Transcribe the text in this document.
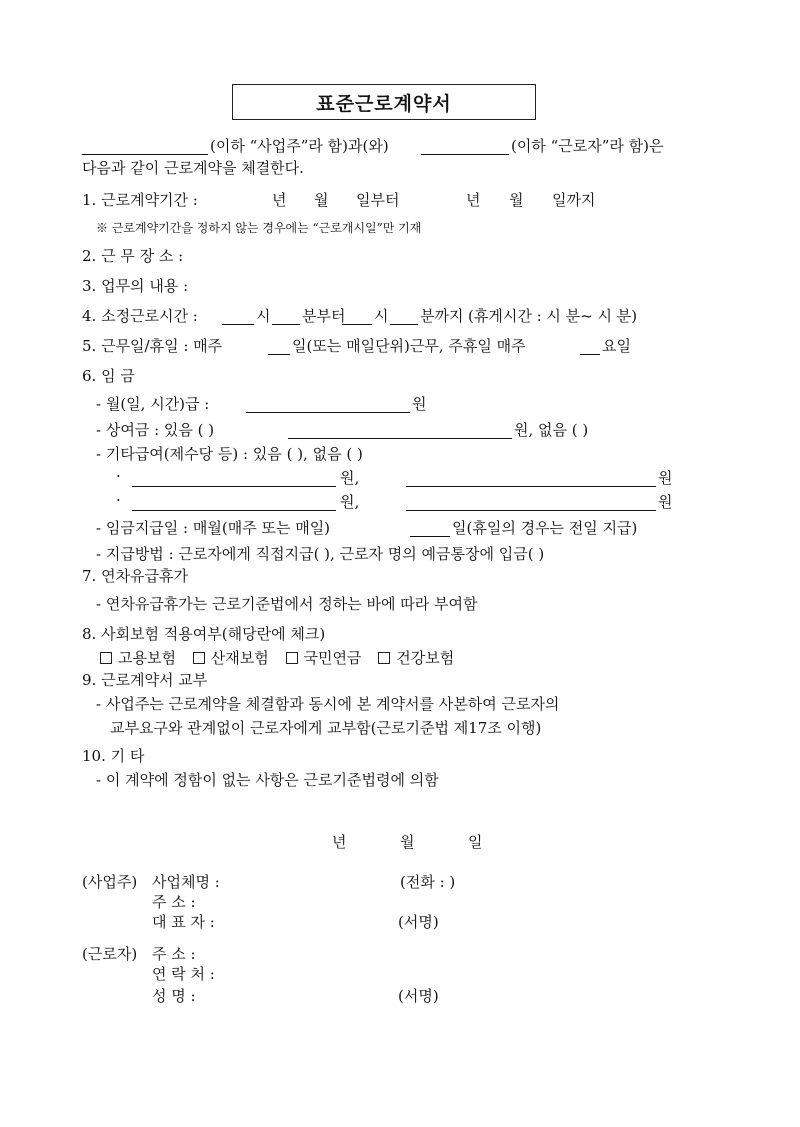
표준근로계약서
(이하 “사업주”라 함)과(와)	(이하 “근로자”라 함)은
다음과 같이 근로계약을 체결한다.
1. 근로계약기간 :	년 월 일부터	년 월 일까지
※ 근로계약기간을 정하지 않는 경우에는 “근로개시일”만 기재
2. 근 무 장 소 :
3. 업무의 내용 :
4. 소정근로시간 :	시 분부터 시 분까지 (휴게시간 : 시 분~ 시 분)
5. 근무일/휴일 : 매주	일(또는 매일단위)근무, 주휴일 매주	요일
6. 임 금
- 월(일, 시간)급 :	원
- 상여금 : 있음 ( )	원, 없음 ( )
- 기타급여(제수당 등) : 있음 ( ), 없음 ( )
·	원,	원
·	원,	원
- 임금지급일 : 매월(매주 또는 매일)	일(휴일의 경우는 전일 지급)
- 지급방법 : 근로자에게 직접지급( ), 근로자 명의 예금통장에 입금( )
7. 연차유급휴가
- 연차유급휴가는 근로기준법에서 정하는 바에 따라 부여함
8. 사회보험 적용여부(해당란에 체크)
고용보험 산재보험 국민연금 건강보험
9. 근로계약서 교부
- 사업주는 근로계약을 체결함과 동시에 본 계약서를 사본하여 근로자의
교부요구와 관계없이 근로자에게 교부함(근로기준법 제17조 이행)
10. 기 타
- 이 계약에 정함이 없는 사항은 근로기준법령에 의함
년	월	일
(사업주) 사업체명 :	(전화 : )
주 소 :
대 표 자 :	(서명)
(근로자) 주 소 :
연 락 처 :
성 명 :	(서명)
